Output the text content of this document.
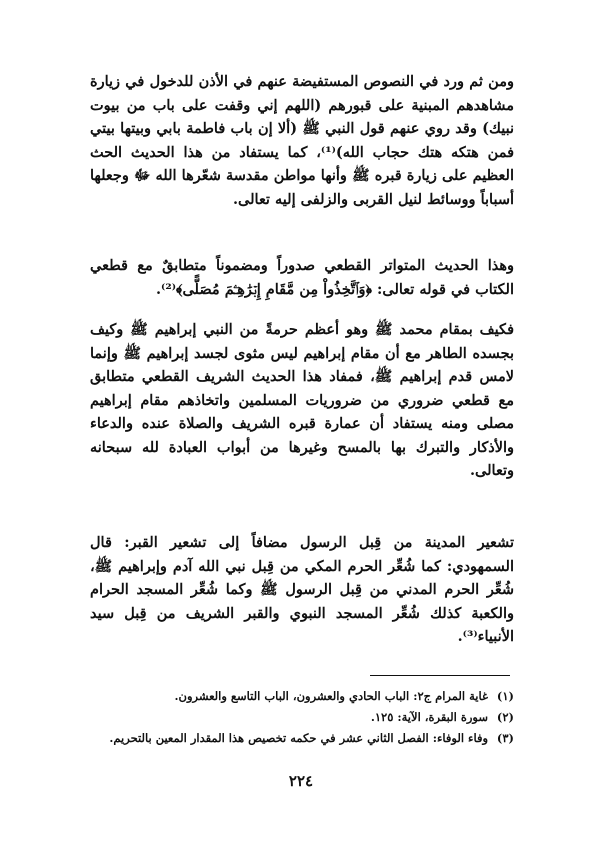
ومن ثم ورد في النصوص المستفيضة عنهم في الأذن للدخول في زيارة مشاهدهم المبنية على قبورهم (اللهم إني وقفت على باب من بيوت نبيك) وقد روي عنهم قول النبي ﷺ (ألا إن باب فاطمة بابي وبيتها بيتي فمن هتكه هتك حجاب الله)⁽¹⁾، كما يستفاد من هذا الحديث الحث العظيم على زيارة قبره ﷺ وأنها مواطن مقدسة شعّرها الله ﷻ وجعلها أسباباً ووسائط لنيل القربى والزلفى إليه تعالى.

وهذا الحديث المتواتر القطعي صدوراً ومضموناً متطابقٌ مع قطعي الكتاب في قوله تعالى: ﴿وَٱتَّخِذُواْ مِن مَّقَامِ إِبۡرَٰهِـۧمَ مُصَلًّى﴾⁽²⁾.

فكيف بمقام محمد ﷺ وهو أعظم حرمةً من النبي إبراهيم ﷺ وكيف بجسده الطاهر مع أن مقام إبراهيم ليس مثوى لجسد إبراهيم ﷺ وإنما لامس قدم إبراهيم ﷺ، فمفاد هذا الحديث الشريف القطعي متطابق مع قطعي ضروري من ضروريات المسلمين واتخاذهم مقام إبراهيم مصلى ومنه يستفاد أن عمارة قبره الشريف والصلاة عنده والدعاء والأذكار والتبرك بها بالمسح وغيرها من أبواب العبادة لله سبحانه وتعالى.

تشعير المدينة من قِبل الرسول مضافاً إلى تشعير القبر: قال السمهودي: كما شُعِّر الحرم المكي من قِبل نبي الله آدم وإبراهيم ﷺ، شُعِّر الحرم المدني من قِبل الرسول ﷺ وكما شُعِّر المسجد الحرام والكعبة كذلك شُعِّر المسجد النبوي والقبر الشريف من قِبل سيد الأنبياء⁽³⁾.

(١)
غاية المرام ج٢: الباب الحادي والعشرون، الباب التاسع والعشرون.
(٢)
سورة البقرة، الآية: ١٢٥.
(٣)
وفاء الوفاء: الفصل الثاني عشر في حكمه تخصيص هذا المقدار المعين بالتحريم.
٢٢٤
